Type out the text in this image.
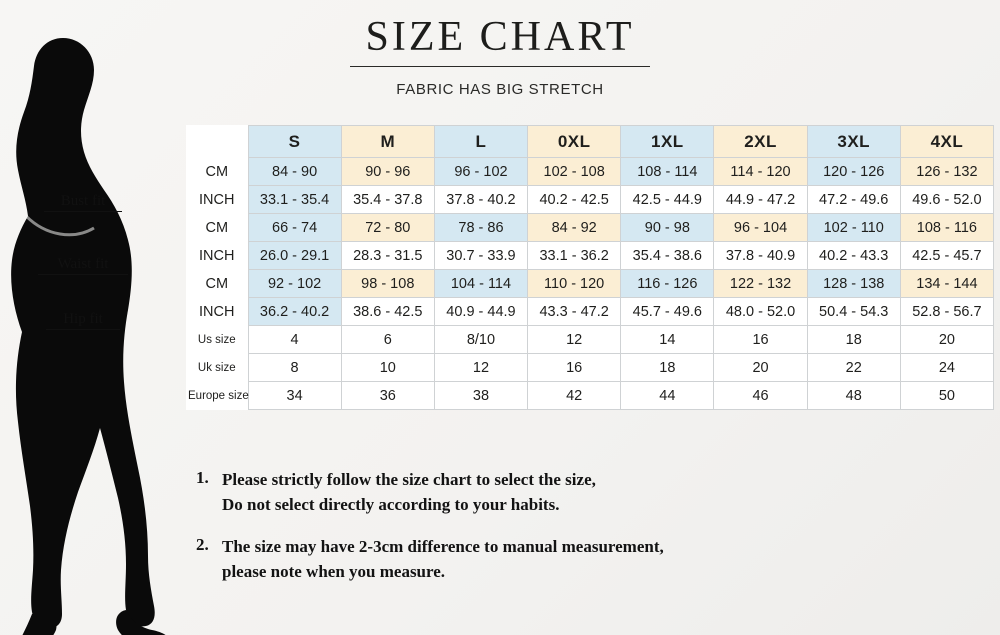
Bust fit
Waist fit
Hip fit
SIZE CHART
FABRIC HAS BIG STRETCH
	S	M	L	0XL	1XL	2XL	3XL	4XL
CM	84 - 90	90 - 96	96 - 102	102 - 108	108 - 114	114 - 120	120 - 126	126 - 132
INCH	33.1 - 35.4	35.4 - 37.8	37.8 - 40.2	40.2 - 42.5	42.5 - 44.9	44.9 - 47.2	47.2 - 49.6	49.6 - 52.0
CM	66 - 74	72 - 80	78 - 86	84 - 92	90 - 98	96 - 104	102 - 110	108 - 116
INCH	26.0 - 29.1	28.3 - 31.5	30.7 - 33.9	33.1 - 36.2	35.4 - 38.6	37.8 - 40.9	40.2 - 43.3	42.5 - 45.7
CM	92 - 102	98 - 108	104 - 114	110 - 120	116 - 126	122 - 132	128 - 138	134 - 144
INCH	36.2 - 40.2	38.6 - 42.5	40.9 - 44.9	43.3 - 47.2	45.7 - 49.6	48.0 - 52.0	50.4 - 54.3	52.8 - 56.7
Us size	4	6	8/10	12	14	16	18	20
Uk size	8	10	12	16	18	20	22	24
Europe size	34	36	38	42	44	46	48	50
1. Please strictly follow the size chart to select the size,
Do not select directly according to your habits.
2. The size may have 2-3cm difference to manual measurement,
please note when you measure.
